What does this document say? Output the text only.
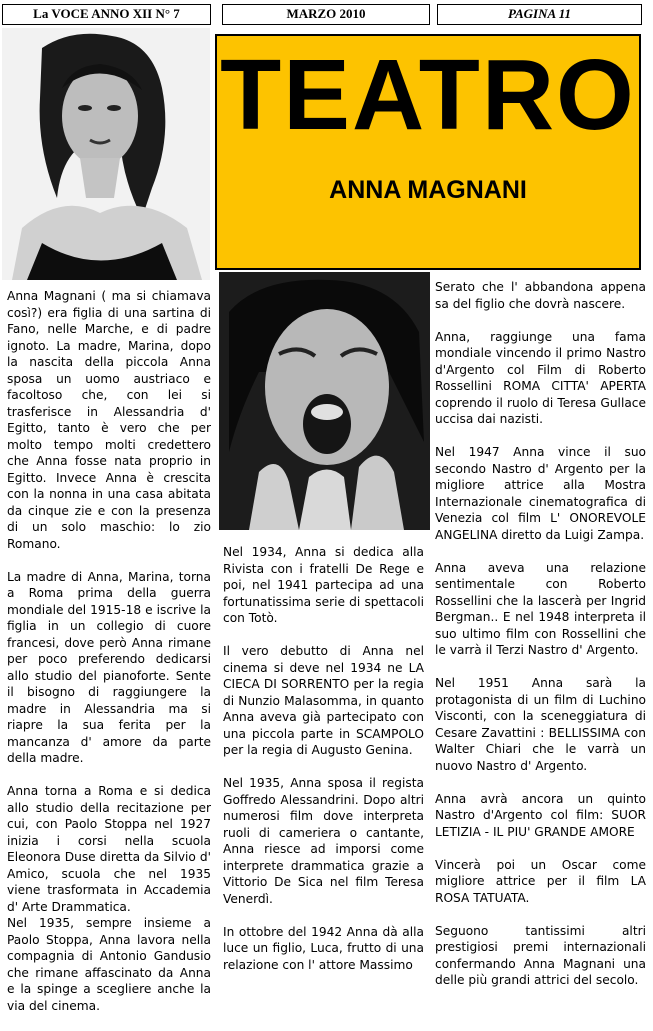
La VOCE ANNO XII N° 7	MARZO 2010	PAGINA 11
TEATRO
ANNA MAGNANI

Anna Magnani ( ma si chiamava così?) era figlia di una sartina di Fano, nelle Marche, e di padre ignoto. La madre, Marina, dopo la nascita della piccola Anna sposa un uomo austriaco e facoltoso che, con lei si trasferisce in Alessandria d' Egitto, tanto è vero che per molto tempo molti credettero che Anna fosse nata proprio in Egitto. Invece Anna è crescita con la nonna in una casa abitata da cinque zie e con la presenza di un solo maschio: lo zio Romano.

La madre di Anna, Marina, torna a Roma prima della guerra mondiale del 1915-18 e iscrive la figlia in un collegio di cuore francesi, dove però Anna rimane per poco preferendo dedicarsi allo studio del pianoforte. Sente il bisogno di raggiungere la madre in Alessandria ma si riapre la sua ferita per la mancanza d' amore da parte della madre.

Anna torna a Roma e si dedica allo studio della recitazione per cui, con Paolo Stoppa nel 1927 inizia i corsi nella scuola Eleonora Duse diretta da Silvio d' Amico, scuola che nel 1935 viene trasformata in Accademia d' Arte Drammatica.

Nel 1935, sempre insieme a Paolo Stoppa, Anna lavora nella compagnia di Antonio Gandusio che rimane affascinato da Anna e la spinge a scegliere anche la via del cinema.

Nel 1934, Anna si dedica alla Rivista con i fratelli De Rege e poi, nel 1941 partecipa ad una fortunatissima serie di spettacoli con Totò.

Il vero debutto di Anna nel cinema si deve nel 1934 ne LA CIECA DI SORRENTO per la regia di Nunzio Malasomma, in quanto Anna aveva già partecipato con una piccola parte in SCAMPOLO per la regia di Augusto Genina.

Nel 1935, Anna sposa il regista Goffredo Alessandrini. Dopo altri numerosi film dove interpreta ruoli di cameriera o cantante, Anna riesce ad imporsi come interprete drammatica grazie a Vittorio De Sica nel film Teresa Venerdì.

In ottobre del 1942 Anna dà alla luce un figlio, Luca, frutto di una relazione con l' attore Massimo

Serato che l' abbandona appena sa del figlio che dovrà nascere.

Anna, raggiunge una fama mondiale vincendo il primo Nastro d'Argento col Film di Roberto Rossellini ROMA CITTA' APERTA coprendo il ruolo di Teresa Gullace uccisa dai nazisti.

Nel 1947 Anna vince il suo secondo Nastro d' Argento per la migliore attrice alla Mostra Internazionale cinematografica di Venezia col film L' ONOREVOLE ANGELINA diretto da Luigi Zampa.

Anna aveva una relazione sentimentale con Roberto Rossellini che la lascerà per Ingrid Bergman.. E nel 1948 interpreta il suo ultimo film con Rossellini che le varrà il Terzi Nastro d' Argento.

Nel 1951 Anna sarà la protagonista di un film di Luchino Visconti, con la sceneggiatura di Cesare Zavattini : BELLISSIMA con Walter Chiari che le varrà un nuovo Nastro d' Argento.

Anna avrà ancora un quinto Nastro d'Argento col film: SUOR LETIZIA - IL PIU' GRANDE AMORE

Vincerà poi un Oscar come migliore attrice per il film LA ROSA TATUATA.

Seguono tantissimi altri prestigiosi premi internazionali confermando Anna Magnani una delle più grandi attrici del secolo.
